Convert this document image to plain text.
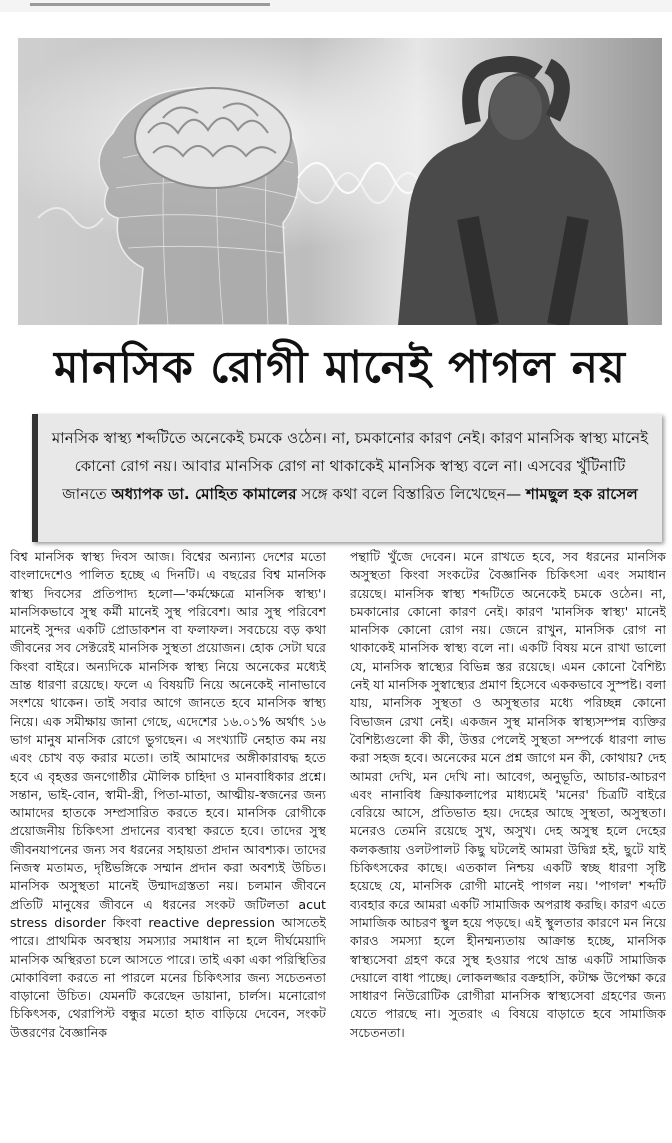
মানসিক রোগী মানেই পাগল নয়

মানসিক স্বাস্থ্য শব্দটিতে অনেকেই চমকে ওঠেন। না, চমকানোর কারণ নেই। কারণ মানসিক স্বাস্থ্য মানেই কোনো রোগ নয়। আবার মানসিক রোগ না থাকাকেই মানসিক স্বাস্থ্য বলে না। এসবের খুঁটিনাটি জানতে অধ্যাপক ডা. মোহিত কামালের সঙ্গে কথা বলে বিস্তারিত লিখেছেন— শামছুল হক রাসেল

বিশ্ব মানসিক স্বাস্থ্য দিবস আজ। বিশ্বের অন্যান্য দেশের মতো বাংলাদেশেও পালিত হচ্ছে এ দিনটি। এ বছরের বিশ্ব মানসিক স্বাস্থ্য দিবসের প্রতিপাদ্য হলো—'কর্মক্ষেত্রে মানসিক স্বাস্থ্য'। মানসিকভাবে সুস্থ কর্মী মানেই সুস্থ পরিবেশ। আর সুস্থ পরিবেশ মানেই সুন্দর একটি প্রোডাকশন বা ফলাফল। সবচেয়ে বড় কথা জীবনের সব সেক্টরেই মানসিক সুস্থতা প্রয়োজন। হোক সেটা ঘরে কিংবা বাইরে। অন্যদিকে মানসিক স্বাস্থ্য নিয়ে অনেকের মধ্যেই ভ্রান্ত ধারণা রয়েছে। ফলে এ বিষয়টি নিয়ে অনেকেই নানাভাবে সংশয়ে থাকেন। তাই সবার আগে জানতে হবে মানসিক স্বাস্থ্য নিয়ে। এক সমীক্ষায় জানা গেছে, এদেশের ১৬.০১% অর্থাৎ ১৬ ভাগ মানুষ মানসিক রোগে ভুগছেন। এ সংখ্যাটি নেহাত কম নয় এবং চোখ বড় করার মতো। তাই আমাদের অঙ্গীকারাবদ্ধ হতে হবে এ বৃহত্তর জনগোষ্ঠীর মৌলিক চাহিদা ও মানবাধিকার প্রশ্নে। সন্তান, ভাই-বোন, স্বামী-স্ত্রী, পিতা-মাতা, আত্মীয়-স্বজনের জন্য আমাদের হাতকে সম্প্রসারিত করতে হবে। মানসিক রোগীকে প্রয়োজনীয় চিকিৎসা প্রদানের ব্যবস্থা করতে হবে। তাদের সুস্থ জীবনযাপনের জন্য সব ধরনের সহায়তা প্রদান আবশ্যক। তাদের নিজস্ব মতামত, দৃষ্টিভঙ্গিকে সম্মান প্রদান করা অবশ্যই উচিত। মানসিক অসুস্থতা মানেই উন্মাদগ্রস্ততা নয়। চলমান জীবনে প্রতিটি মানুষের জীবনে এ ধরনের সংকট জটিলতা acut stress disorder কিংবা reactive depression আসতেই পারে। প্রাথমিক অবস্থায় সমস্যার সমাধান না হলে দীর্ঘমেয়াদি মানসিক অস্থিরতা চলে আসতে পারে। তাই একা একা পরিস্থিতির মোকাবিলা করতে না পারলে মনের চিকিৎসার জন্য সচেতনতা বাড়ানো উচিত। যেমনটি করেছেন ডায়ানা, চার্লস। মনোরোগ চিকিৎসক, থেরাপিস্ট বন্ধুর মতো হাত বাড়িয়ে দেবেন, সংকট উত্তরণের বৈজ্ঞানিক

পন্থাটি খুঁজে দেবেন। মনে রাখতে হবে, সব ধরনের মানসিক অসুস্থতা কিংবা সংকটের বৈজ্ঞানিক চিকিৎসা এবং সমাধান রয়েছে। মানসিক স্বাস্থ্য শব্দটিতে অনেকেই চমকে ওঠেন। না, চমকানোর কোনো কারণ নেই। কারণ 'মানসিক স্বাস্থ্য' মানেই মানসিক কোনো রোগ নয়। জেনে রাখুন, মানসিক রোগ না থাকাকেই মানসিক স্বাস্থ্য বলে না। একটি বিষয় মনে রাখা ভালো যে, মানসিক স্বাস্থ্যের বিভিন্ন স্তর রয়েছে। এমন কোনো বৈশিষ্ট্য নেই যা মানসিক সুস্বাস্থ্যের প্রমাণ হিসেবে এককভাবে সুস্পষ্ট। বলা যায়, মানসিক সুস্থতা ও অসুস্থতার মধ্যে পরিচ্ছন্ন কোনো বিভাজন রেখা নেই। একজন সুস্থ মানসিক স্বাস্থ্যসম্পন্ন ব্যক্তির বৈশিষ্ট্যগুলো কী কী, উত্তর পেলেই সুস্থতা সম্পর্কে ধারণা লাভ করা সহজ হবে। অনেকের মনে প্রশ্ন জাগে মন কী, কোথায়? দেহ আমরা দেখি, মন দেখি না। আবেগ, অনুভূতি, আচার-আচরণ এবং নানাবিধ ক্রিয়াকলাপের মাধ্যমেই 'মনের' চিত্রটি বাইরে বেরিয়ে আসে, প্রতিভাত হয়। দেহের আছে সুস্থতা, অসুস্থতা। মনেরও তেমনি রয়েছে সুখ, অসুখ। দেহ অসুস্থ হলে দেহের কলকব্জায় ওলটপালট কিছু ঘটলেই আমরা উদ্বিগ্ন হই, ছুটে যাই চিকিৎসকের কাছে। এতকাল নিশ্চয় একটি স্বচ্ছ ধারণা সৃষ্টি হয়েছে যে, মানসিক রোগী মানেই পাগল নয়। 'পাগল' শব্দটি ব্যবহার করে আমরা একটি সামাজিক অপরাধ করছি। কারণ এতে সামাজিক আচরণ স্থুল হয়ে পড়ছে। এই স্থুলতার কারণে মন নিয়ে কারও সমস্যা হলে হীনম্মন্যতায় আক্রান্ত হচ্ছে, মানসিক স্বাস্থ্যসেবা গ্রহণ করে সুস্থ হওয়ার পথে ভ্রান্ত একটি সামাজিক দেয়ালে বাধা পাচ্ছে। লোকলজ্জার বক্রহাসি, কটাক্ষ উপেক্ষা করে সাধারণ নিউরোটিক রোগীরা মানসিক স্বাস্থ্যসেবা গ্রহণের জন্য যেতে পারছে না। সুতরাং এ বিষয়ে বাড়াতে হবে সামাজিক সচেতনতা।
